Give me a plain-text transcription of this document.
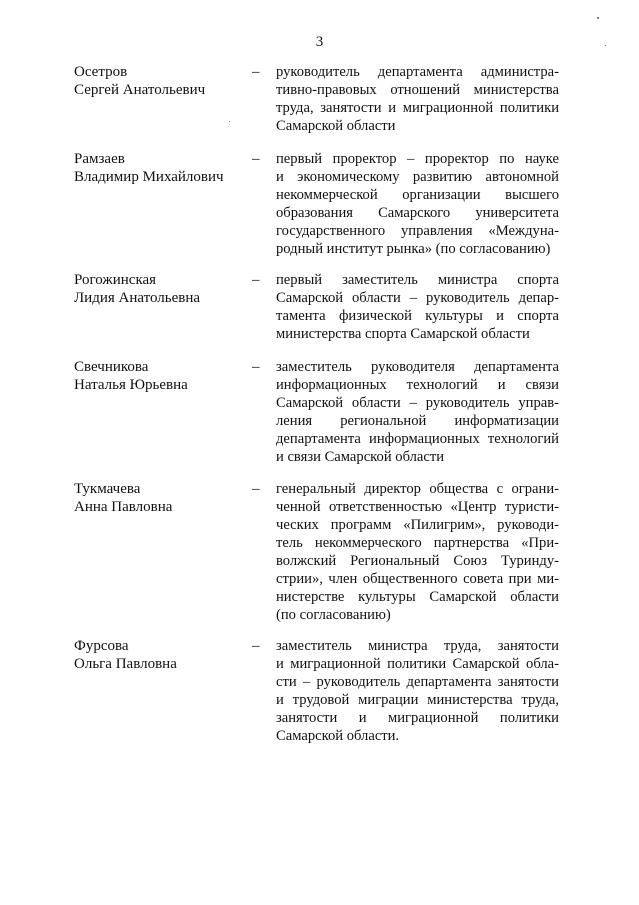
3
Осетров
Сергей Анатольевич
– руководитель департамента администра-
тивно-правовых отношений министерства
труда, занятости и миграционной политики
Самарской области
Рамзаев
Владимир Михайлович
– первый проректор – проректор по науке
и экономическому развитию автономной
некоммерческой организации высшего
образования Самарского университета
государственного управления «Междуна-
родный институт рынка» (по согласованию)
Рогожинская
Лидия Анатольевна
– первый заместитель министра спорта
Самарской области – руководитель депар-
тамента физической культуры и спорта
министерства спорта Самарской области
Свечникова
Наталья Юрьевна
– заместитель руководителя департамента
информационных технологий и связи
Самарской области – руководитель управ-
ления региональной информатизации
департамента информационных технологий
и связи Самарской области
Тукмачева
Анна Павловна
– генеральный директор общества с ограни-
ченной ответственностью «Центр туристи-
ческих программ «Пилигрим», руководи-
тель некоммерческого партнерства «При-
волжский Региональный Союз Туринду-
стрии», член общественного совета при ми-
нистерстве культуры Самарской области
(по согласованию)
Фурсова
Ольга Павловна
– заместитель министра труда, занятости
и миграционной политики Самарской обла-
сти – руководитель департамента занятости
и трудовой миграции министерства труда,
занятости и миграционной политики
Самарской области.
